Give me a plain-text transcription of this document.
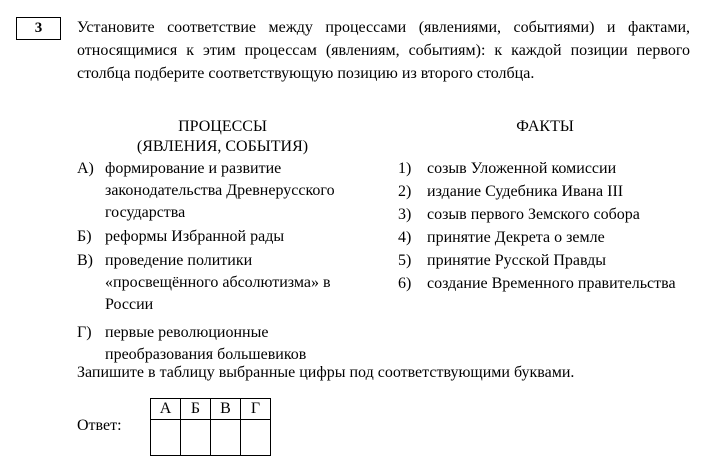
3	Установите соответствие между процессами (явлениями, событиями) и фактами, относящимися к этим процессам (явлениям, событиям): к каждой позиции первого столбца подберите соответствующую позицию из второго столбца.
ПРОЦЕССЫ
(ЯВЛЕНИЯ, СОБЫТИЯ)
ФАКТЫ
А) формирование и развитие законодательства Древнерусского государства
Б) реформы Избранной рады
В) проведение политики «просвещённого абсолютизма» в России
Г) первые революционные преобразования большевиков
1) созыв Уложенной комиссии
2) издание Судебника Ивана III
3) созыв первого Земского собора
4) принятие Декрета о земле
5) принятие Русской Правды
6) создание Временного правительства
Запишите в таблицу выбранные цифры под соответствующими буквами.
Ответ:
А	Б	В	Г
